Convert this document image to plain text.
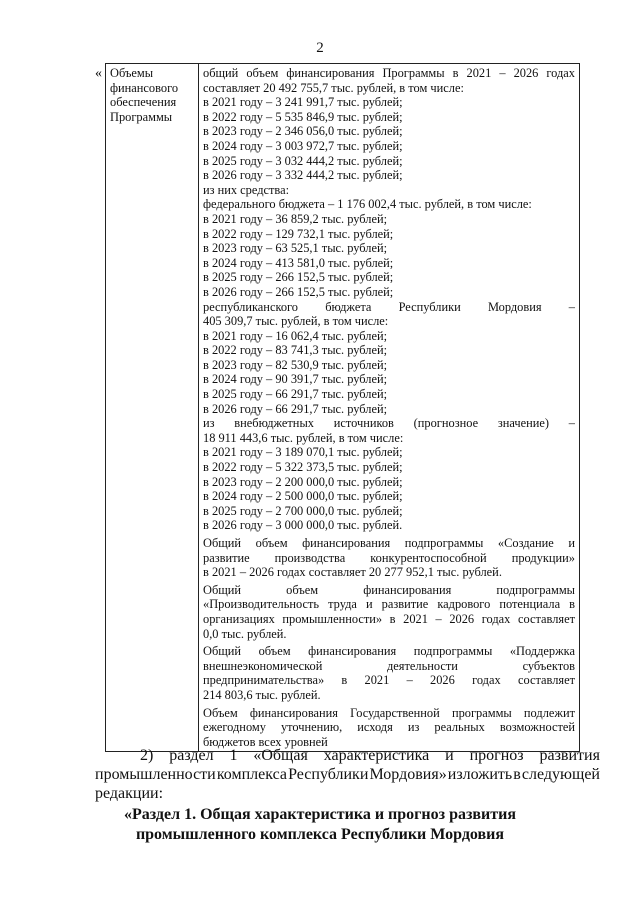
2
« Объемы
финансового
обеспечения
Программы

общий объем финансирования Программы в 2021 – 2026 годах
составляет 20 492 755,7 тыс. рублей, в том числе:
в 2021 году – 3 241 991,7 тыс. рублей;
в 2022 году – 5 535 846,9 тыс. рублей;
в 2023 году – 2 346 056,0 тыс. рублей;
в 2024 году – 3 003 972,7 тыс. рублей;
в 2025 году – 3 032 444,2 тыс. рублей;
в 2026 году – 3 332 444,2 тыс. рублей;
из них средства:
федерального бюджета – 1 176 002,4 тыс. рублей, в том числе:
в 2021 году – 36 859,2 тыс. рублей;
в 2022 году – 129 732,1 тыс. рублей;
в 2023 году – 63 525,1 тыс. рублей;
в 2024 году – 413 581,0 тыс. рублей;
в 2025 году – 266 152,5 тыс. рублей;
в 2026 году – 266 152,5 тыс. рублей;
республиканского бюджета Республики Мордовия –
405 309,7 тыс. рублей, в том числе:
в 2021 году – 16 062,4 тыс. рублей;
в 2022 году – 83 741,3 тыс. рублей;
в 2023 году – 82 530,9 тыс. рублей;
в 2024 году – 90 391,7 тыс. рублей;
в 2025 году – 66 291,7 тыс. рублей;
в 2026 году – 66 291,7 тыс. рублей;
из внебюджетных источников (прогнозное значение) –
18 911 443,6 тыс. рублей, в том числе:
в 2021 году – 3 189 070,1 тыс. рублей;
в 2022 году – 5 322 373,5 тыс. рублей;
в 2023 году – 2 200 000,0 тыс. рублей;
в 2024 году – 2 500 000,0 тыс. рублей;
в 2025 году – 2 700 000,0 тыс. рублей;
в 2026 году – 3 000 000,0 тыс. рублей.
Общий объем финансирования подпрограммы «Создание и
развитие производства конкурентоспособной продукции»
в 2021 – 2026 годах составляет 20 277 952,1 тыс. рублей.
Общий объем финансирования подпрограммы
«Производительность труда и развитие кадрового потенциала в
организациях промышленности» в 2021 – 2026 годах составляет
0,0 тыс. рублей.
Общий объем финансирования подпрограммы «Поддержка
внешнеэкономической деятельности субъектов
предпринимательства» в 2021 – 2026 годах составляет
214 803,6 тыс. рублей.
Объем финансирования Государственной программы подлежит
ежегодному уточнению, исходя из реальных возможностей
бюджетов всех уровней
2) раздел 1 «Общая характеристика и прогноз развития
промышленности комплекса Республики Мордовия» изложить в следующей
редакции:
«Раздел 1. Общая характеристика и прогноз развития
промышленного комплекса Республики Мордовия
